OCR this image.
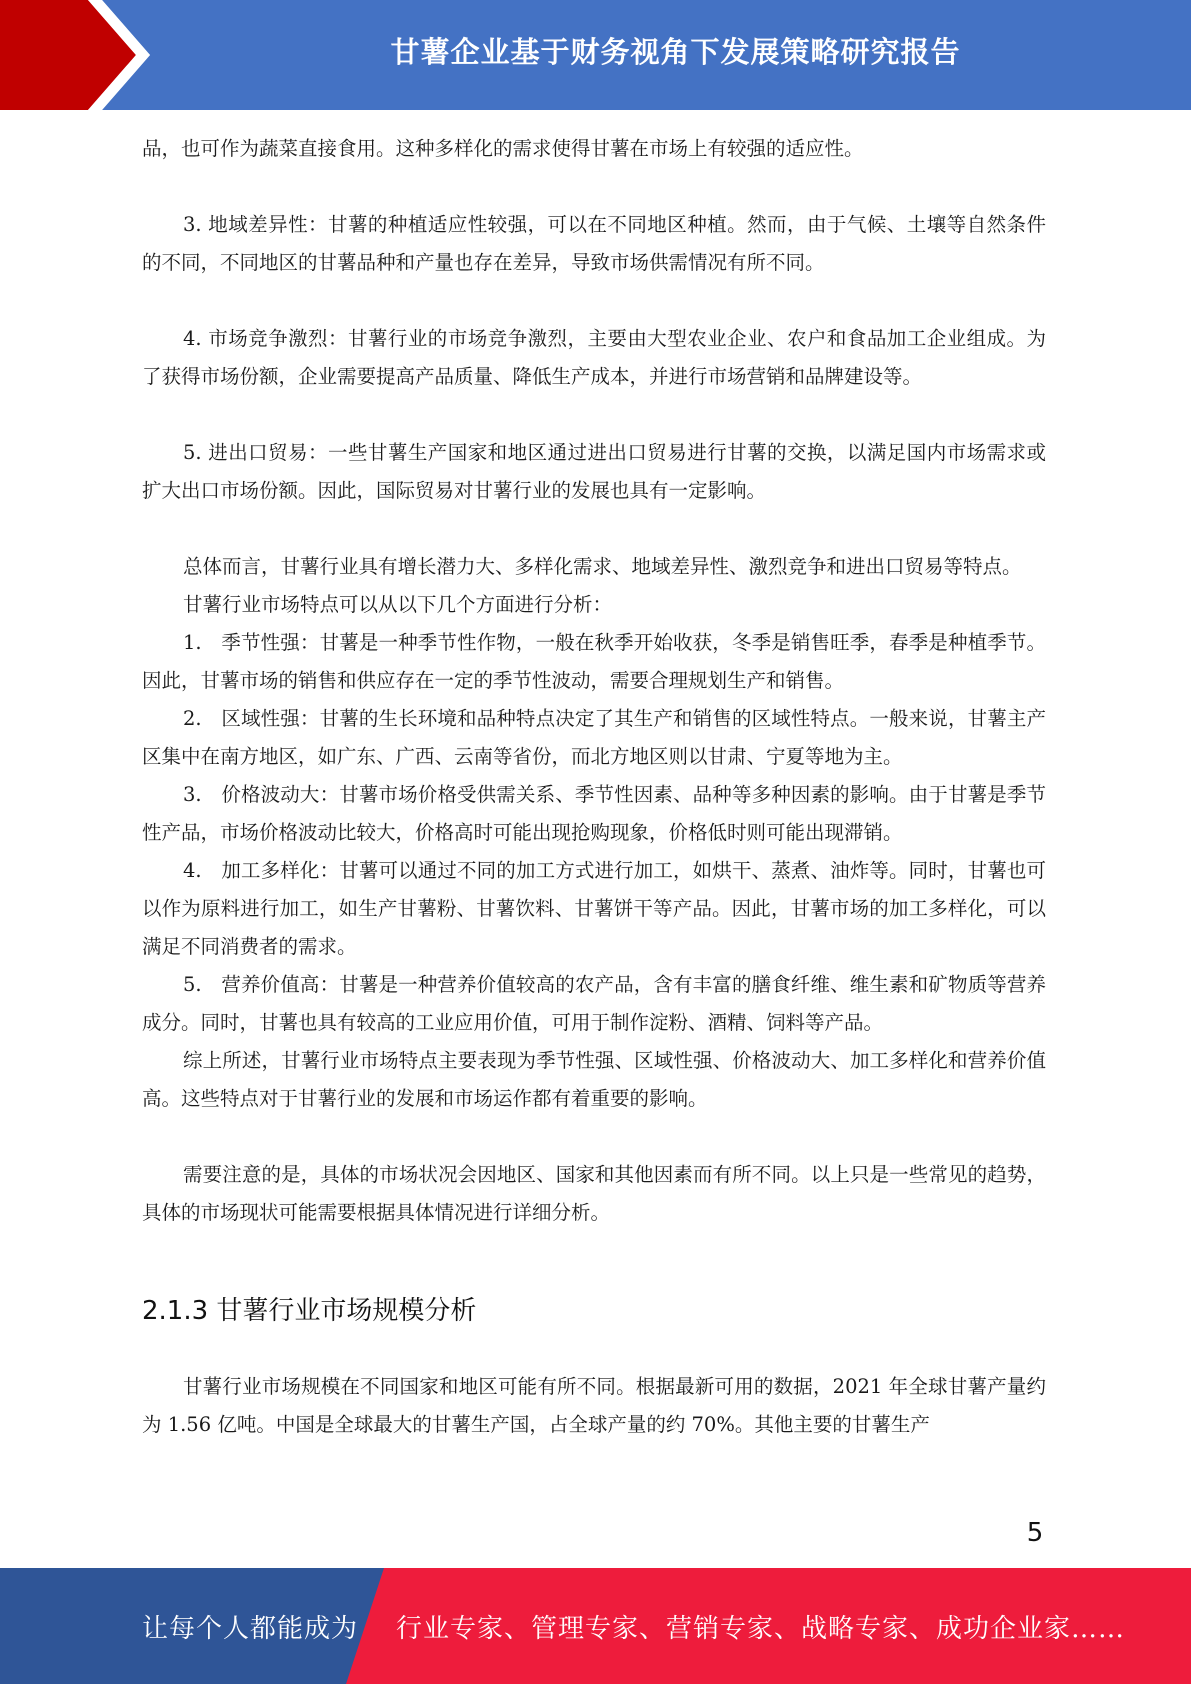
甘薯企业基于财务视角下发展策略研究报告

品，也可作为蔬菜直接食用。这种多样化的需求使得甘薯在市场上有较强的适应性。

3. 地域差异性：甘薯的种植适应性较强，可以在不同地区种植。然而，由于气候、土壤等自然条件的不同，不同地区的甘薯品种和产量也存在差异，导致市场供需情况有所不同。

4. 市场竞争激烈：甘薯行业的市场竞争激烈，主要由大型农业企业、农户和食品加工企业组成。为了获得市场份额，企业需要提高产品质量、降低生产成本，并进行市场营销和品牌建设等。

5. 进出口贸易：一些甘薯生产国家和地区通过进出口贸易进行甘薯的交换，以满足国内市场需求或扩大出口市场份额。因此，国际贸易对甘薯行业的发展也具有一定影响。

总体而言，甘薯行业具有增长潜力大、多样化需求、地域差异性、激烈竞争和进出口贸易等特点。

甘薯行业市场特点可以从以下几个方面进行分析：

1.　季节性强：甘薯是一种季节性作物，一般在秋季开始收获，冬季是销售旺季，春季是种植季节。因此，甘薯市场的销售和供应存在一定的季节性波动，需要合理规划生产和销售。

2.　区域性强：甘薯的生长环境和品种特点决定了其生产和销售的区域性特点。一般来说，甘薯主产区集中在南方地区，如广东、广西、云南等省份，而北方地区则以甘肃、宁夏等地为主。

3.　价格波动大：甘薯市场价格受供需关系、季节性因素、品种等多种因素的影响。由于甘薯是季节性产品，市场价格波动比较大，价格高时可能出现抢购现象，价格低时则可能出现滞销。

4.　加工多样化：甘薯可以通过不同的加工方式进行加工，如烘干、蒸煮、油炸等。同时，甘薯也可以作为原料进行加工，如生产甘薯粉、甘薯饮料、甘薯饼干等产品。因此，甘薯市场的加工多样化，可以满足不同消费者的需求。

5.　营养价值高：甘薯是一种营养价值较高的农产品，含有丰富的膳食纤维、维生素和矿物质等营养成分。同时，甘薯也具有较高的工业应用价值，可用于制作淀粉、酒精、饲料等产品。

综上所述，甘薯行业市场特点主要表现为季节性强、区域性强、价格波动大、加工多样化和营养价值高。这些特点对于甘薯行业的发展和市场运作都有着重要的影响。

需要注意的是，具体的市场状况会因地区、国家和其他因素而有所不同。以上只是一些常见的趋势，具体的市场现状可能需要根据具体情况进行详细分析。

2.1.3 甘薯行业市场规模分析

甘薯行业市场规模在不同国家和地区可能有所不同。根据最新可用的数据，2021 年全球甘薯产量约为 1.56 亿吨。中国是全球最大的甘薯生产国，占全球产量的约 70%。其他主要的甘薯生产

5
让每个人都能成为 行业专家、管理专家、营销专家、战略专家、成功企业家……
